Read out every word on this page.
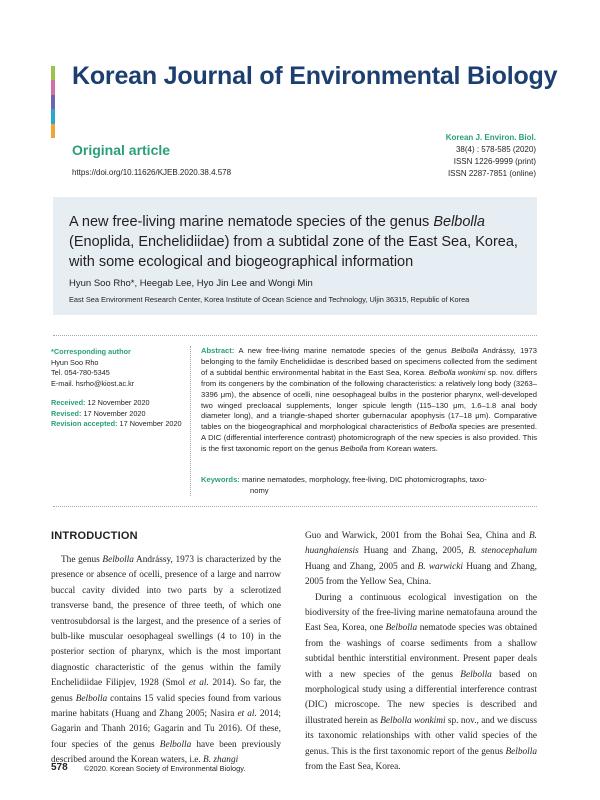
Korean Journal of Environmental Biology
Original article
https://doi.org/10.11626/KJEB.2020.38.4.578
Korean J. Environ. Biol.
38(4) : 578-585 (2020)
ISSN 1226-9999 (print)
ISSN 2287-7851 (online)
A new free-living marine nematode species of the genus Belbolla (Enoplida, Enchelidiidae) from a subtidal zone of the East Sea, Korea, with some ecological and biogeographical information
Hyun Soo Rho*, Heegab Lee, Hyo Jin Lee and Wongi Min
East Sea Environment Research Center, Korea Institute of Ocean Science and Technology, Uljin 36315, Republic of Korea
*Corresponding author
Hyun Soo Rho
Tel. 054-780-5345
E-mail. hsrho@kiost.ac.kr
Received: 12 November 2020
Revised: 17 November 2020
Revision accepted: 17 November 2020
Abstract: A new free-living marine nematode species of the genus Belbolla Andrássy, 1973 belonging to the family Enchelidiidae is described based on specimens collected from the sediment of a subtidal benthic environmental habitat in the East Sea, Korea. Belbolla wonkimi sp. nov. differs from its congeners by the combination of the following characteristics: a relatively long body (3263–3396 μm), the absence of ocelli, nine oesophageal bulbs in the posterior pharynx, well-developed two winged precloacal supplements, longer spicule length (115–130 μm, 1.6–1.8 anal body diameter long), and a triangle-shaped shorter gubernacular apophysis (17–18 μm). Comparative tables on the biogeographical and morphological characteristics of Belbolla species are presented. A DIC (differential interference contrast) photomicrograph of the new species is also provided. This is the first taxonomic report on the genus Belbolla from Korean waters.
Keywords: marine nematodes, morphology, free-living, DIC photomicrographs, taxo-
nomy
INTRODUCTION

The genus Belbolla Andrássy, 1973 is characterized by the presence or absence of ocelli, presence of a large and narrow buccal cavity divided into two parts by a sclerotized transverse band, the presence of three teeth, of which one ventrosubdorsal is the largest, and the presence of a series of bulb-like muscular oesophageal swellings (4 to 10) in the posterior section of pharynx, which is the most important diagnostic characteristic of the genus within the family Enchelidiidae Filipjev, 1928 (Smol et al. 2014). So far, the genus Belbolla contains 15 valid species found from various marine habitats (Huang and Zhang 2005; Nasira et al. 2014; Gagarin and Thanh 2016; Gagarin and Tu 2016). Of these, four species of the genus Belbolla have been previously described around the Korean waters, i.e. B. zhangi

Guo and Warwick, 2001 from the Bohai Sea, China and B. huanghaiensis Huang and Zhang, 2005, B. stenocephalum Huang and Zhang, 2005 and B. warwicki Huang and Zhang, 2005 from the Yellow Sea, China.

During a continuous ecological investigation on the biodiversity of the free-living marine nematofauna around the East Sea, Korea, one Belbolla nematode species was obtained from the washings of coarse sediments from a shallow subtidal benthic interstitial environment. Present paper deals with a new species of the genus Belbolla based on morphological study using a differential interference contrast (DIC) microscope. The new species is described and illustrated herein as Belbolla wonkimi sp. nov., and we discuss its taxonomic relationships with other valid species of the genus. This is the first taxonomic report of the genus Belbolla from the East Sea, Korea.

578 ©2020. Korean Society of Environmental Biology.
